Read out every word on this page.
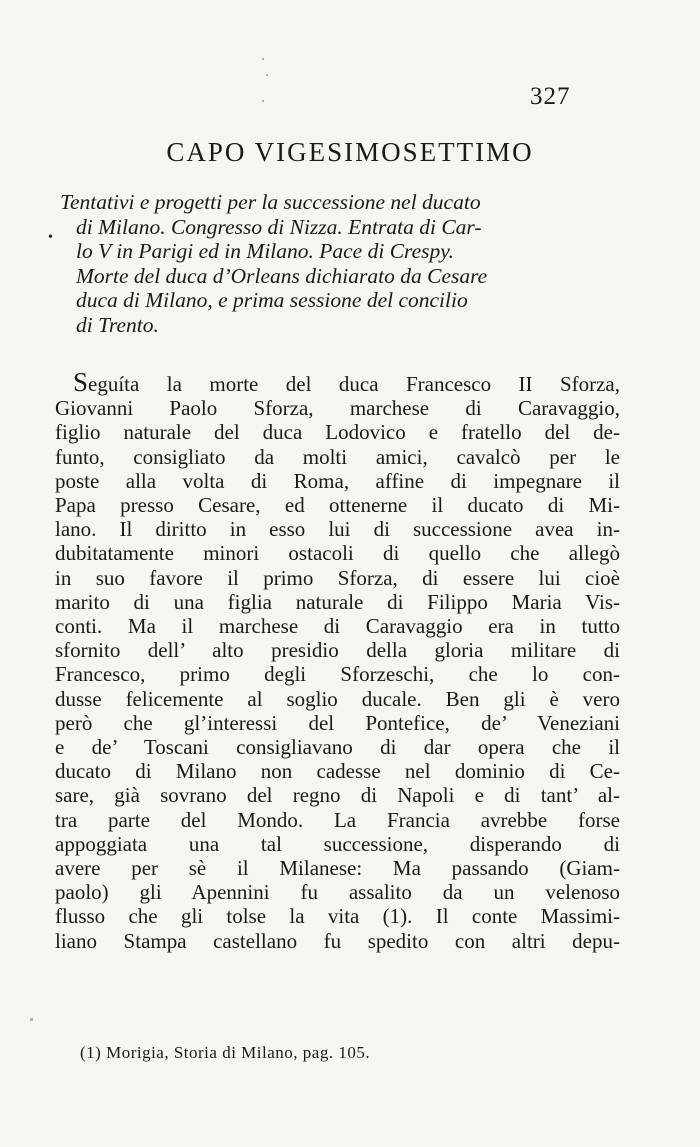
327
CAPO VIGESIMOSETTIMO
•
Tentativi e progetti per la successione nel ducato
di Milano. Congresso di Nizza. Entrata di Car-
lo V in Parigi ed in Milano. Pace di Crespy.
Morte del duca d’Orleans dichiarato da Cesare
duca di Milano, e prima sessione del concilio
di Trento.
Seguíta la morte del duca Francesco II Sforza,
Giovanni Paolo Sforza, marchese di Caravaggio,
figlio naturale del duca Lodovico e fratello del de-
funto, consigliato da molti amici, cavalcò per le
poste alla volta di Roma, affine di impegnare il
Papa presso Cesare, ed ottenerne il ducato di Mi-
lano. Il diritto in esso lui di successione avea in-
dubitatamente minori ostacoli di quello che allegò
in suo favore il primo Sforza, di essere lui cioè
marito di una figlia naturale di Filippo Maria Vis-
conti. Ma il marchese di Caravaggio era in tutto
sfornito dell’ alto presidio della gloria militare di
Francesco, primo degli Sforzeschi, che lo con-
dusse felicemente al soglio ducale. Ben gli è vero
però che gl’interessi del Pontefice, de’ Veneziani
e de’ Toscani consigliavano di dar opera che il
ducato di Milano non cadesse nel dominio di Ce-
sare, già sovrano del regno di Napoli e di tant’ al-
tra parte del Mondo. La Francia avrebbe forse
appoggiata una tal successione, disperando di
avere per sè il Milanese: Ma passando (Giam-
paolo) gli Apennini fu assalito da un velenoso
flusso che gli tolse la vita (1). Il conte Massimi-
liano Stampa castellano fu spedito con altri depu-
(1) Morigia, Storia di Milano, pag. 105.
